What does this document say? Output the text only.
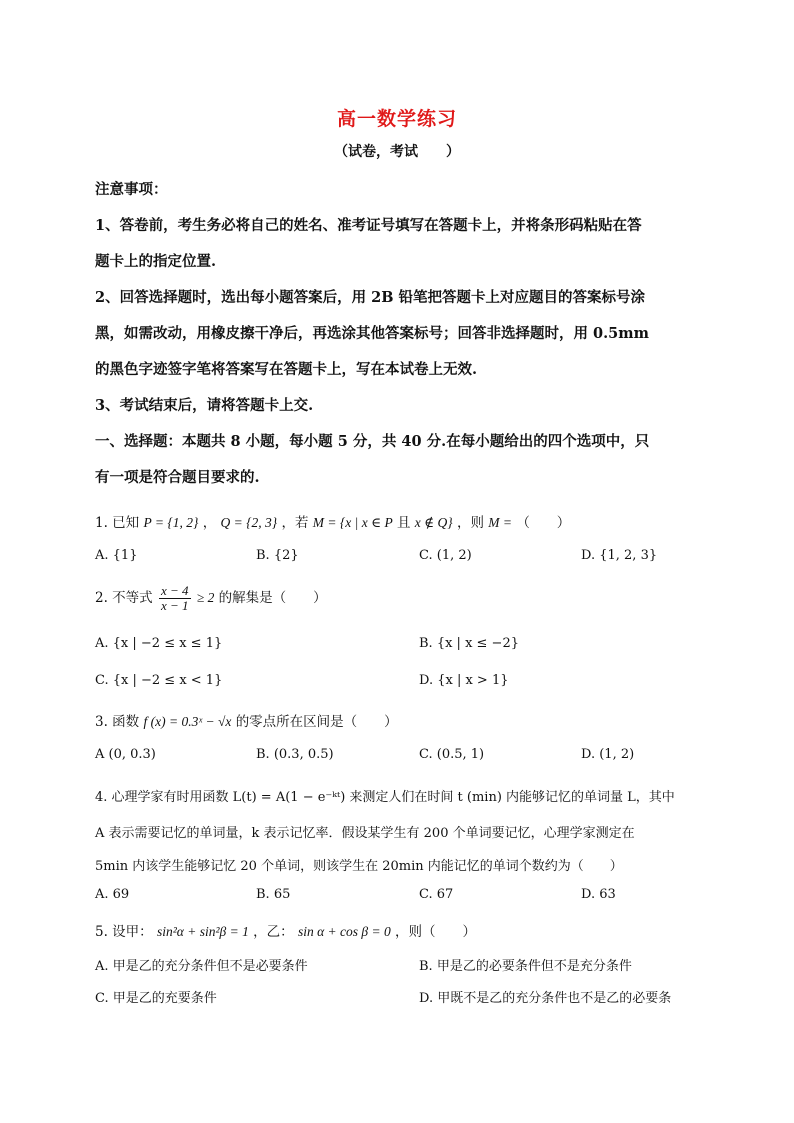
高一数学练习
（试卷，考试　　）
注意事项：
1、答卷前，考生务必将自己的姓名、准考证号填写在答题卡上，并将条形码粘贴在答
题卡上的指定位置.
2、回答选择题时，选出每小题答案后，用 2B 铅笔把答题卡上对应题目的答案标号涂
黑，如需改动，用橡皮擦干净后，再选涂其他答案标号；回答非选择题时，用 0.5mm
的黑色字迹签字笔将答案写在答题卡上，写在本试卷上无效.
3、考试结束后，请将答题卡上交.
一、选择题：本题共 8 小题，每小题 5 分，共 40 分.在每小题给出的四个选项中，只
有一项是符合题目要求的.
1. 已知 P = {1, 2} ， Q = {2, 3} ，若 M = {x | x ∈ P 且 x ∉ Q} ，则 M = （　　）
A. {1}	B. {2}	C. (1, 2)	D. {1, 2, 3}
2. 不等式 $\frac{x - 4}{x - 1} \ge 2$ 的解集是（　　）
A. {x | −2 ≤ x ≤ 1}	B. {x | x ≤ −2}
C. {x | −2 ≤ x < 1}	D. {x | x > 1}
3. 函数 f (x) = 0.3ˣ − √x 的零点所在区间是（　　）
A (0, 0.3)	B. (0.3, 0.5)	C. (0.5, 1)	D. (1, 2)
4. 心理学家有时用函数 L(t) = A(1 − e⁻ᵏᵗ) 来测定人们在时间 t (min) 内能够记忆的单词量 L，其中
A 表示需要记忆的单词量，k 表示记忆率．假设某学生有 200 个单词要记忆，心理学家测定在
5min 内该学生能够记忆 20 个单词，则该学生在 20min 内能记忆的单词个数约为（　　）
A. 69	B. 65	C. 67	D. 63
5. 设甲： sin²α + sin²β = 1 ，乙： sin α + cos β = 0 ，则（　　）
A. 甲是乙的充分条件但不是必要条件	B. 甲是乙的必要条件但不是充分条件
C. 甲是乙的充要条件	D. 甲既不是乙的充分条件也不是乙的必要条
